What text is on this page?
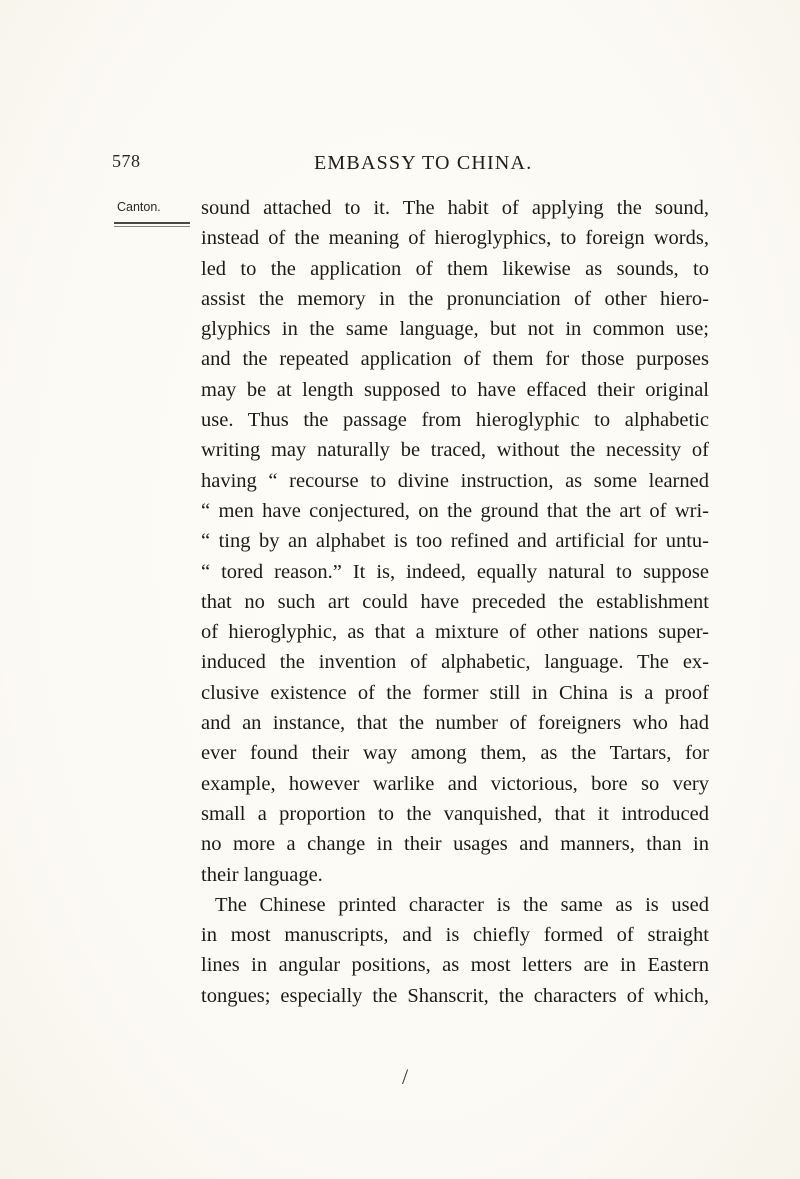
578	EMBASSY TO CHINA.
Canton. sound attached to it. The habit of applying the sound,
instead of the meaning of hieroglyphics, to foreign words,
led to the application of them likewise as sounds, to
assist the memory in the pronunciation of other hiero-
glyphics in the same language, but not in common use;
and the repeated application of them for those purposes
may be at length supposed to have effaced their original
use. Thus the passage from hieroglyphic to alphabetic
writing may naturally be traced, without the necessity of
having “ recourse to divine instruction, as some learned
“ men have conjectured, on the ground that the art of wri-
“ ting by an alphabet is too refined and artificial for untu-
“ tored reason.” It is, indeed, equally natural to suppose
that no such art could have preceded the establishment
of hieroglyphic, as that a mixture of other nations super-
induced the invention of alphabetic, language. The ex-
clusive existence of the former still in China is a proof
and an instance, that the number of foreigners who had
ever found their way among them, as the Tartars, for
example, however warlike and victorious, bore so very
small a proportion to the vanquished, that it introduced
no more a change in their usages and manners, than in
their language.
The Chinese printed character is the same as is used
in most manuscripts, and is chiefly formed of straight
lines in angular positions, as most letters are in Eastern
tongues; especially the Shanscrit, the characters of which,
/
